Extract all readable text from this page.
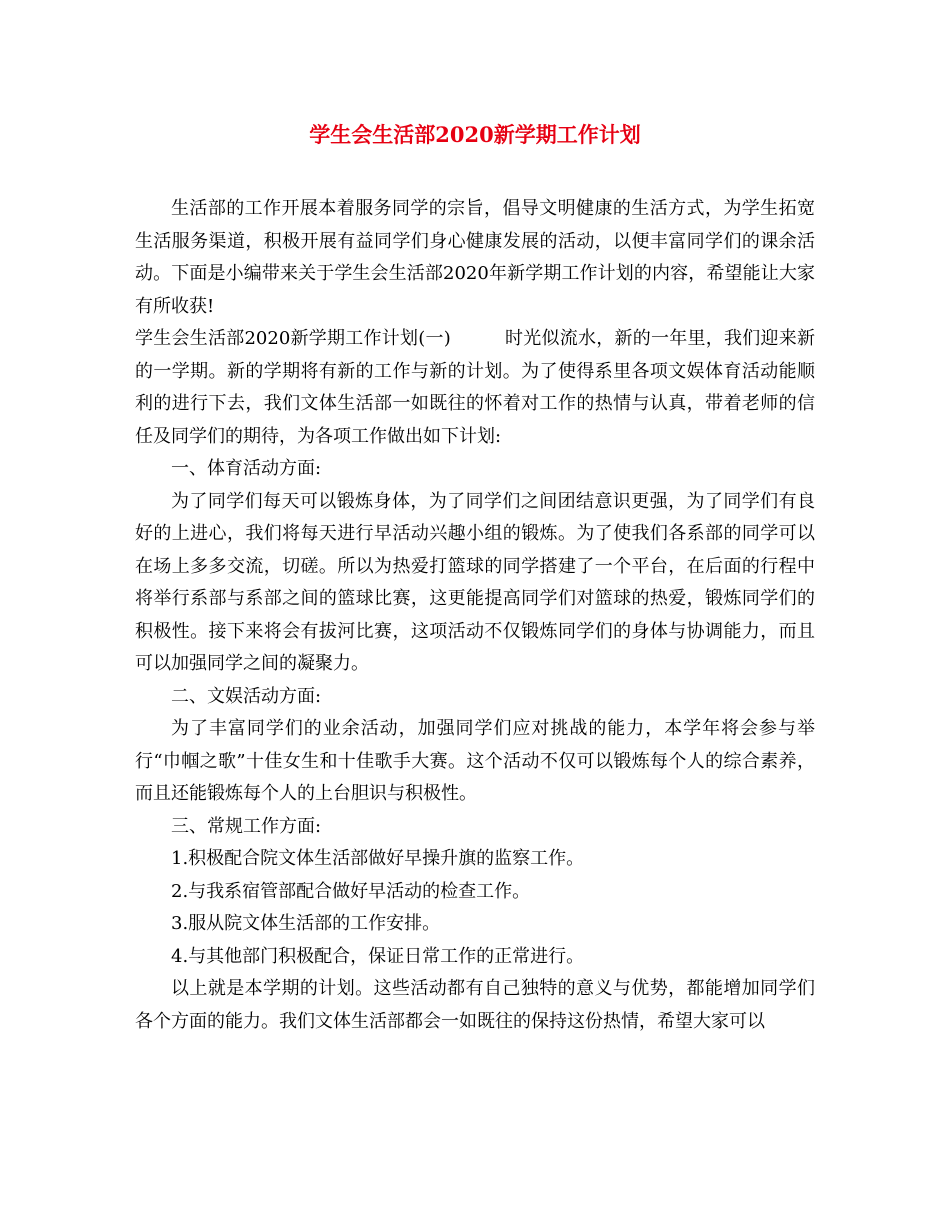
学生会生活部2020新学期工作计划

生活部的工作开展本着服务同学的宗旨，倡导文明健康的生活方式，为学生拓宽生活服务渠道，积极开展有益同学们身心健康发展的活动，以便丰富同学们的课余活动。下面是小编带来关于学生会生活部2020年新学期工作计划的内容，希望能让大家有所收获!

学生会生活部2020新学期工作计划(一)	时光似流水，新的一年里，我们迎来新的一学期。新的学期将有新的工作与新的计划。为了使得系里各项文娱体育活动能顺利的进行下去，我们文体生活部一如既往的怀着对工作的热情与认真，带着老师的信任及同学们的期待，为各项工作做出如下计划:

一、体育活动方面:

为了同学们每天可以锻炼身体，为了同学们之间团结意识更强，为了同学们有良好的上进心，我们将每天进行早活动兴趣小组的锻炼。为了使我们各系部的同学可以在场上多多交流，切磋。所以为热爱打篮球的同学搭建了一个平台，在后面的行程中将举行系部与系部之间的篮球比赛，这更能提高同学们对篮球的热爱，锻炼同学们的积极性。接下来将会有拔河比赛，这项活动不仅锻炼同学们的身体与协调能力，而且可以加强同学之间的凝聚力。

二、文娱活动方面:

为了丰富同学们的业余活动，加强同学们应对挑战的能力，本学年将会参与举行“巾帼之歌”十佳女生和十佳歌手大赛。这个活动不仅可以锻炼每个人的综合素养，而且还能锻炼每个人的上台胆识与积极性。

三、常规工作方面:

1.积极配合院文体生活部做好早操升旗的监察工作。

2.与我系宿管部配合做好早活动的检查工作。

3.服从院文体生活部的工作安排。

4.与其他部门积极配合，保证日常工作的正常进行。

以上就是本学期的计划。这些活动都有自己独特的意义与优势，都能增加同学们各个方面的能力。我们文体生活部都会一如既往的保持这份热情，希望大家可以
